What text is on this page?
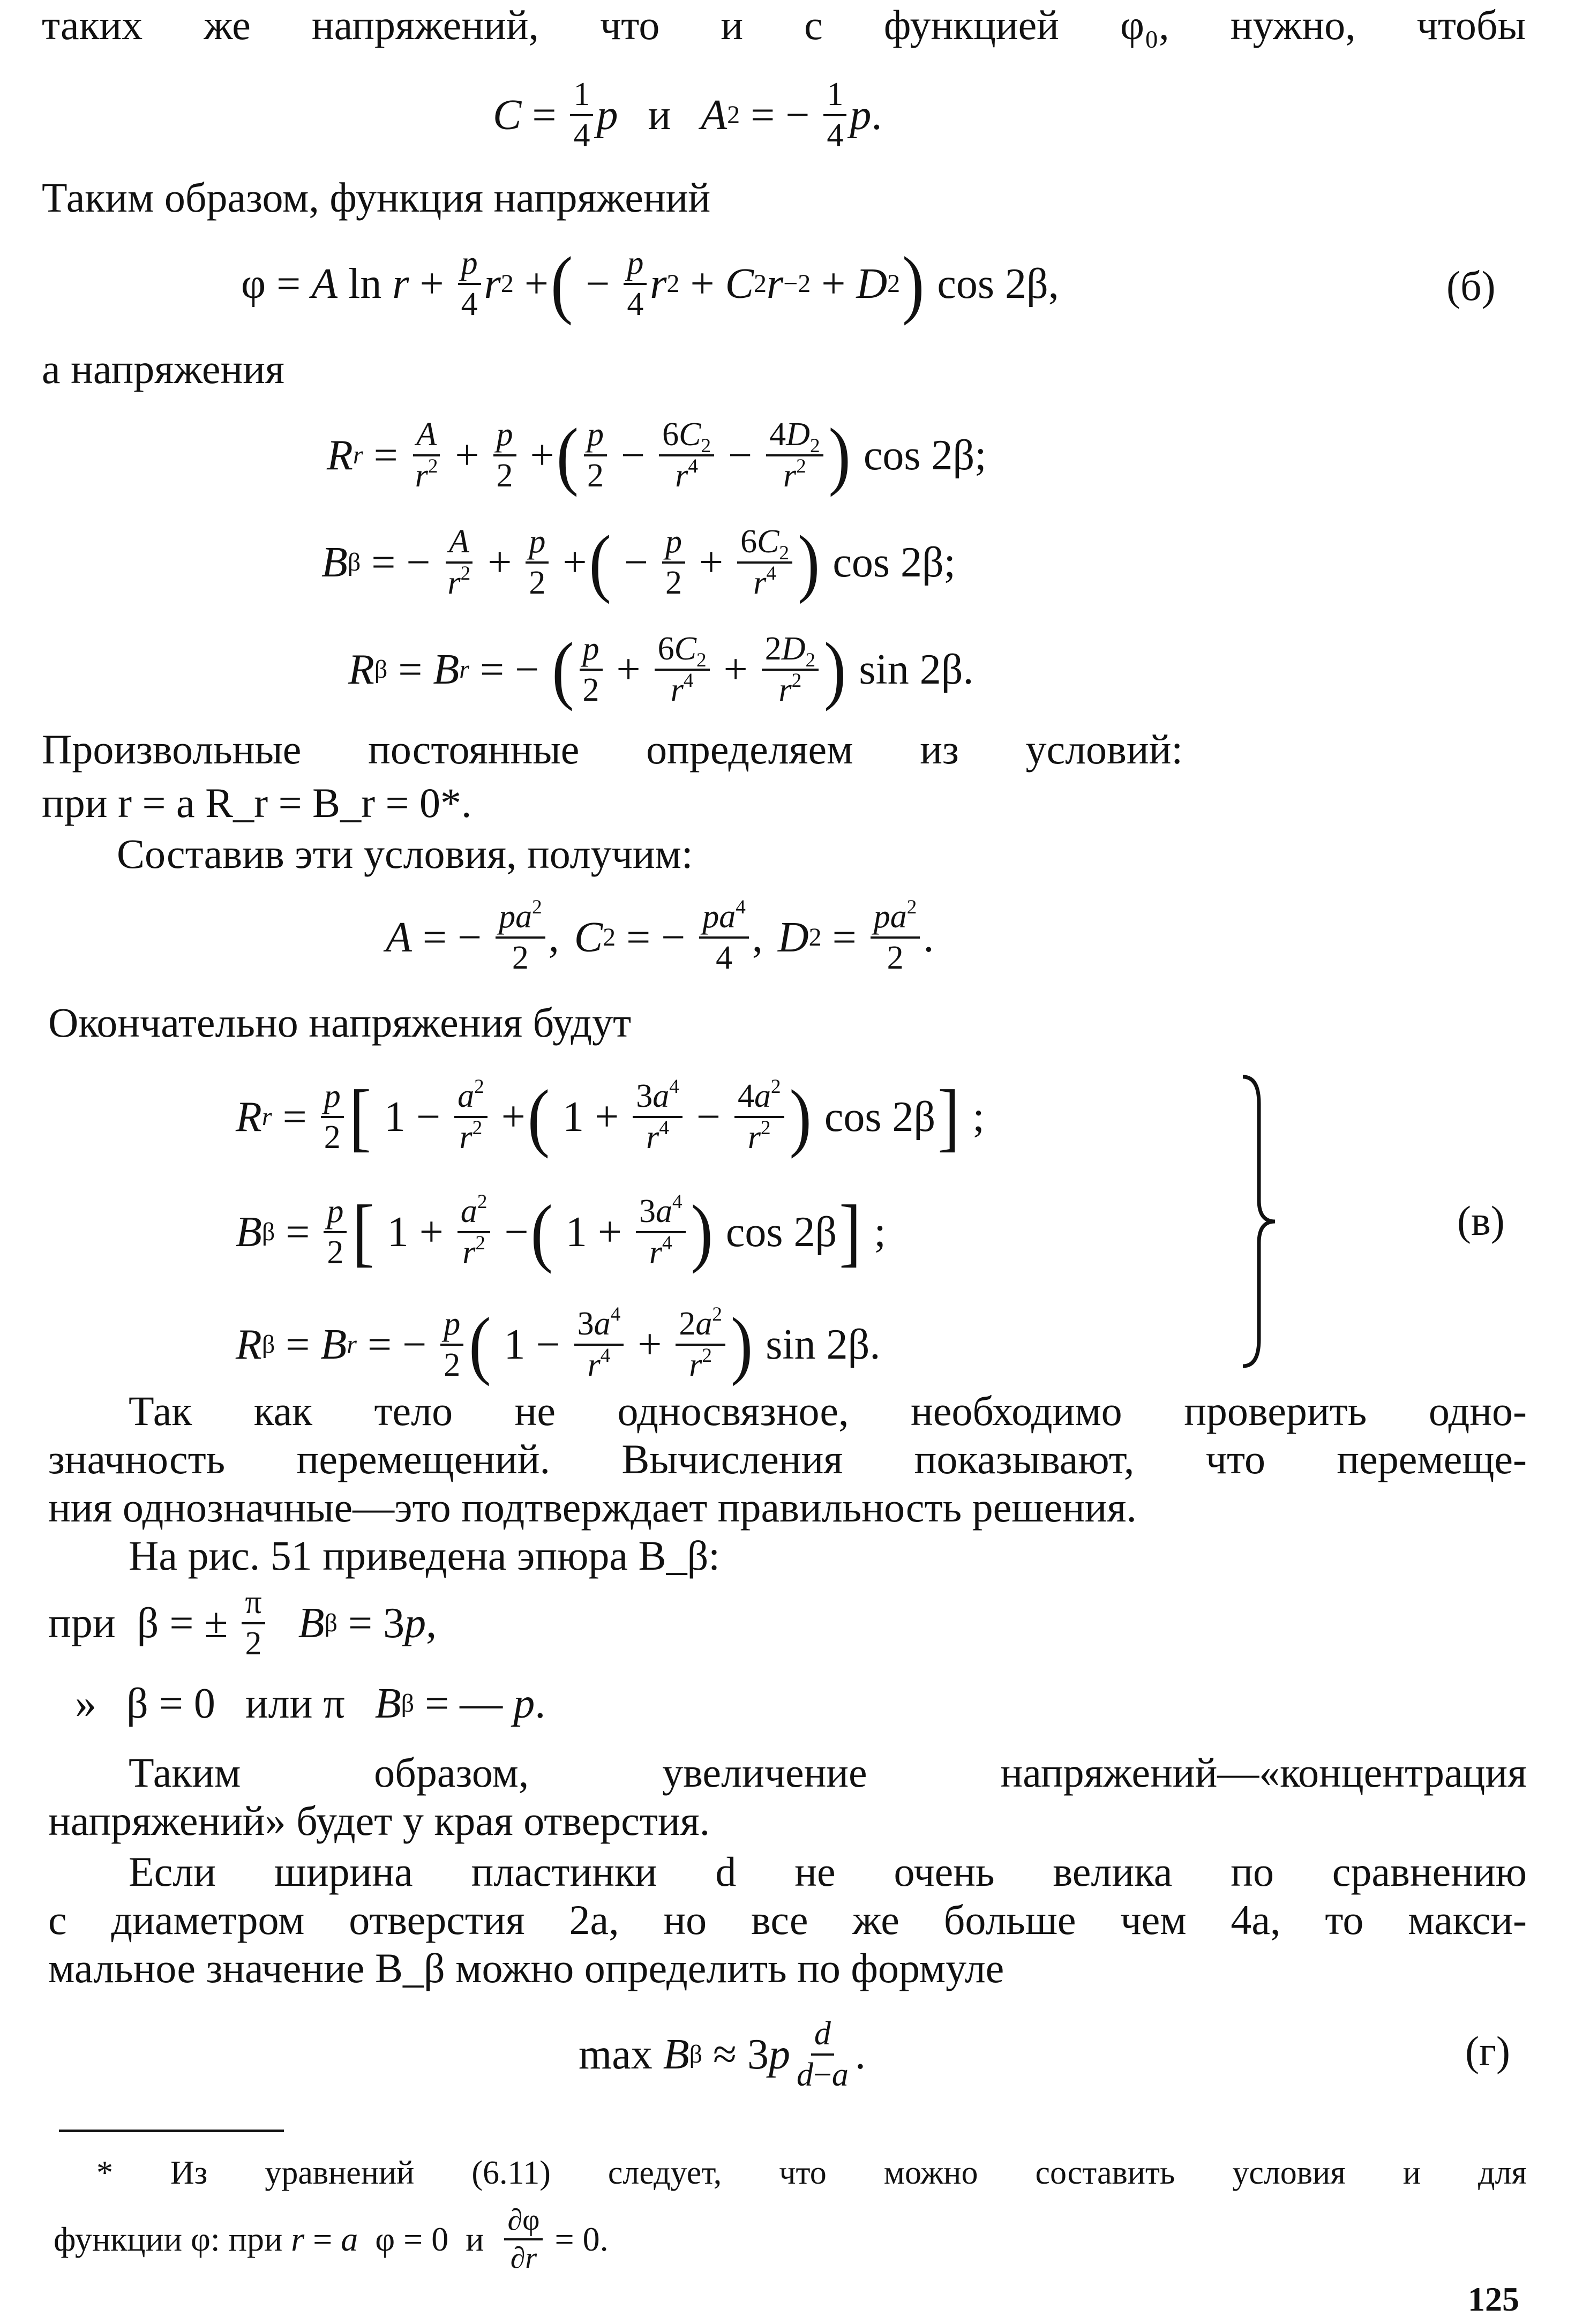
таких же напряжений, что и с функцией φ₀, нужно, чтобы
$C = \frac{1}{4}$ p и A 2 = − $\frac{1}{4}$ p .
Таким образом, функция напряжений
φ = A $\ln r + \frac{p}{4}$ r 2 + ( − $\frac{p}{4}$ r 2 + C 2 r −2 + D 2 ) cos 2β,	(б)
а напряжения
R $r = \frac{A}{r^2} + \frac{p}{2}$ + ( $\frac{p}{2} - \frac{6C_2}{r^4} - \frac{4D_2}{r^2}$ ) cos 2β;
B β = − $\frac{A}{r^2} + \frac{p}{2}$ + ( − $\frac{p}{2} + \frac{6C_2}{r^4}$ ) cos 2β;
R β = B r = − ( $\frac{p}{2} + \frac{6C_2}{r^4} + \frac{2D_2}{r^2}$ ) sin 2β.
Произвольные постоянные определяем из условий:
при r = a R_r = B_r = 0*.
Составив эти условия, получим:
A = − $\frac{pa^2}{2}$ , C 2 = − $\frac{pa^4}{4}$ , D $2 = \frac{pa^2}{2}$ .
Окончательно напряжения будут
R $r = \frac{p}{2}$ [ $1 - \frac{a^2}{r^2}$ + ( $1 + \frac{3a^4}{r^4} - \frac{4a^2}{r^2}$ ) cos 2β ] ;
B $\beta = \frac{p}{2}$ [ $1 + \frac{a^2}{r^2}$ − ( $1 + \frac{3a^4}{r^4}$ ) cos 2β ] ;
R β = B r = − $\frac{p}{2}$ ( $1 - \frac{3a^4}{r^4} + \frac{2a^2}{r^2}$ ) sin 2β.
(в)
Так как тело не односвязное, необходимо проверить одно-
значность перемещений. Вычисления показывают, что перемеще-
ния однозначные—это подтверждает правильность решения.
На рис. 51 приведена эпюра B_β:
при  β = ± $\frac{\pi}{2}$ B β = 3 p ,
» β = 0 или π B β = — p .
Таким образом, увеличение напряжений—«концентрация
напряжений» будет у края отверстия.
Если ширина пластинки d не очень велика по сравнению
с диаметром отверстия 2a, но все же больше чем 4a, то макси-
мальное значение B_β можно определить по формуле
max B β ≈ 3 p $\frac{d}{d-a}$ .	(г)
* Из уравнений (6.11) следует, что можно составить условия и для
функции φ: при r = a φ = 0  и $\frac{\partial\varphi}{\partial r} = 0$.
125
